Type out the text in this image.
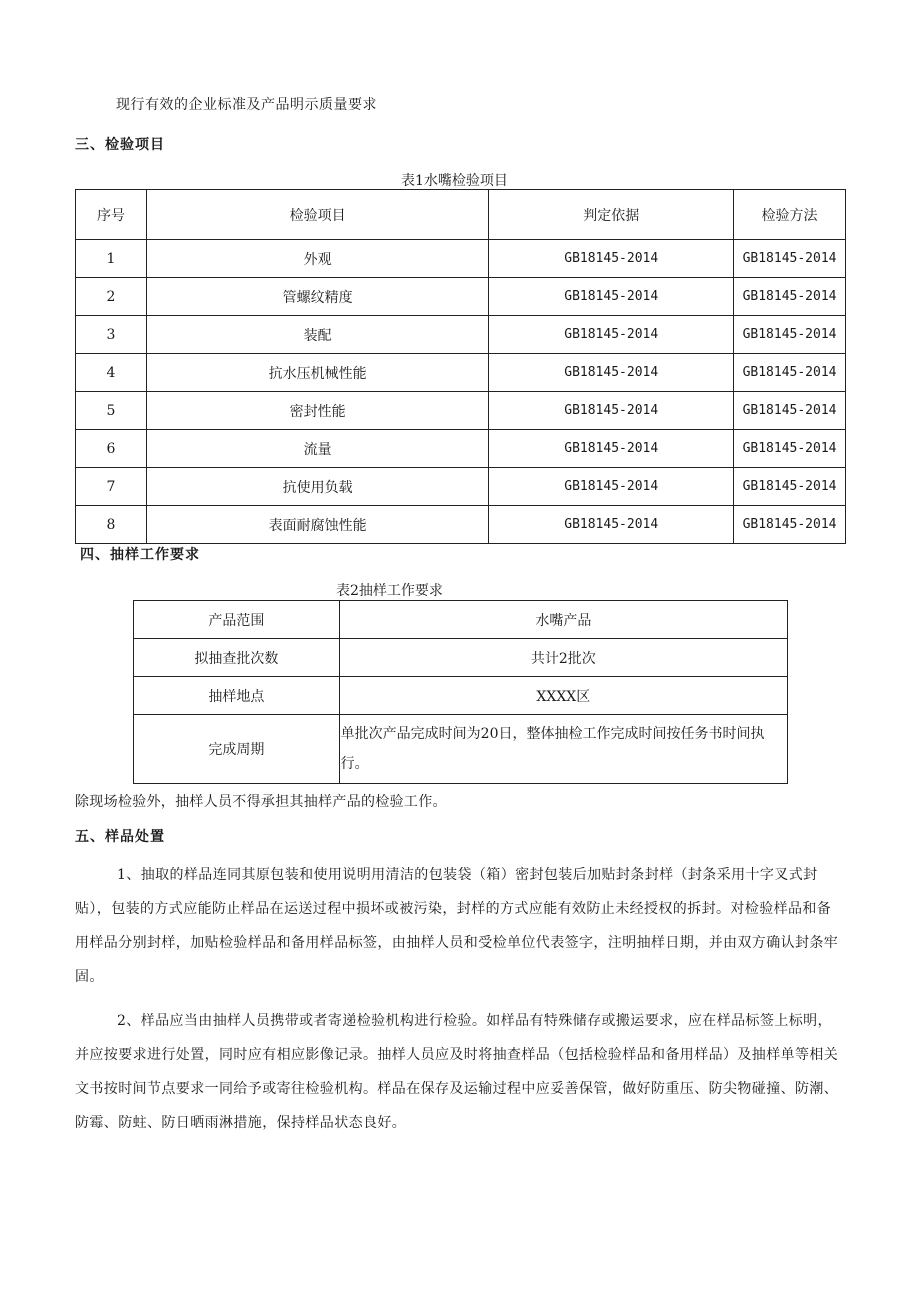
现行有效的企业标准及产品明示质量要求
三、检验项目
表1水嘴检验项目
序号	检验项目	判定依据	检验方法
1	外观	GB18145-2014	GB18145-2014
2	管螺纹精度	GB18145-2014	GB18145-2014
3	装配	GB18145-2014	GB18145-2014
4	抗水压机械性能	GB18145-2014	GB18145-2014
5	密封性能	GB18145-2014	GB18145-2014
6	流量	GB18145-2014	GB18145-2014
7	抗使用负载	GB18145-2014	GB18145-2014
8	表面耐腐蚀性能	GB18145-2014	GB18145-2014
四、抽样工作要求
表2抽样工作要求
产品范围	水嘴产品
拟抽查批次数	共计2批次
抽样地点	XXXX区
完成周期	单批次产品完成时间为20日，整体抽检工作完成时间按任务书时间执行。
除现场检验外，抽样人员不得承担其抽样产品的检验工作。
五、样品处置
1、抽取的样品连同其原包装和使用说明用清洁的包装袋（箱）密封包装后加贴封条封样（封条采用十字叉式封贴），包装的方式应能防止样品在运送过程中损坏或被污染，封样的方式应能有效防止未经授权的拆封。对检验样品和备用样品分别封样，加贴检验样品和备用样品标签，由抽样人员和受检单位代表签字，注明抽样日期，并由双方确认封条牢固。
2、样品应当由抽样人员携带或者寄递检验机构进行检验。如样品有特殊储存或搬运要求，应在样品标签上标明，并应按要求进行处置，同时应有相应影像记录。抽样人员应及时将抽查样品（包括检验样品和备用样品）及抽样单等相关文书按时间节点要求一同给予或寄往检验机构。样品在保存及运输过程中应妥善保管，做好防重压、防尖物碰撞、防潮、防霉、防蛀、防日晒雨淋措施，保持样品状态良好。
